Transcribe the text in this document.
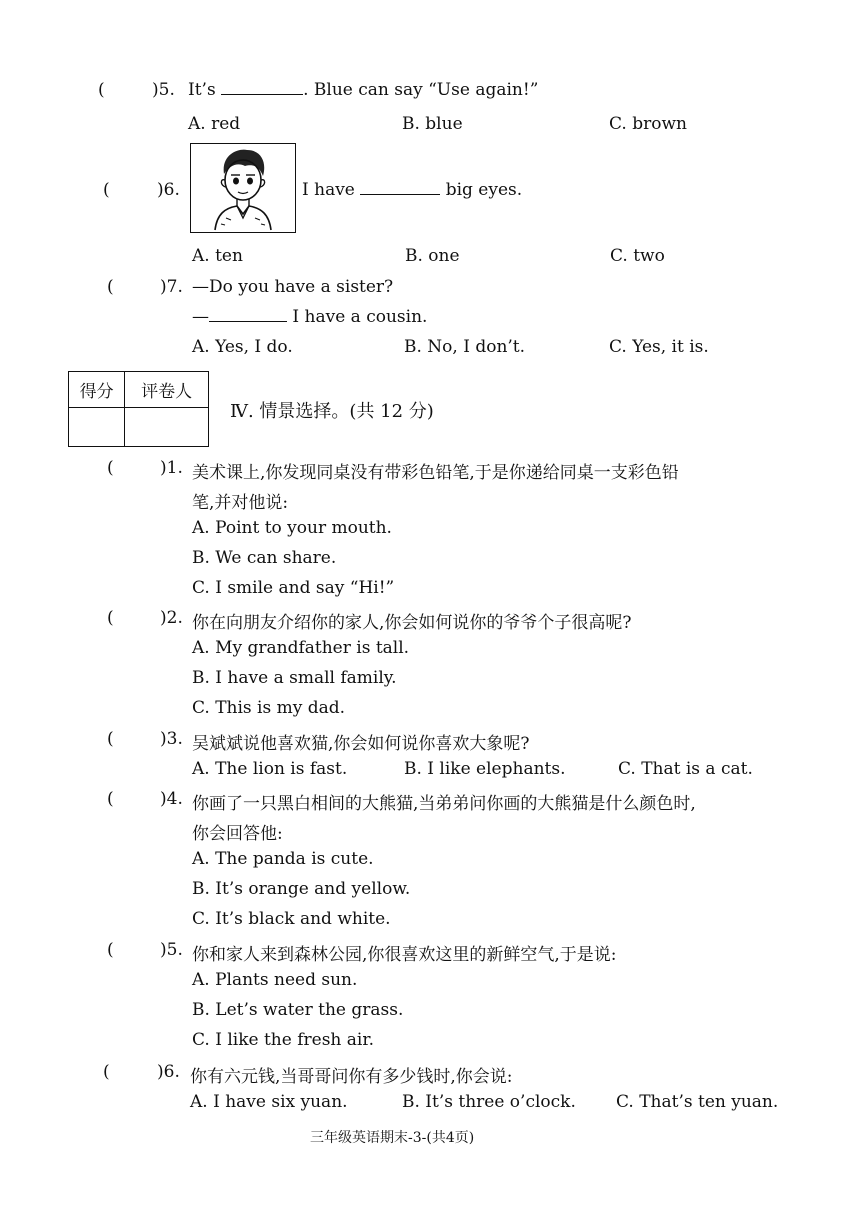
(	)5. It’s	. Blue can say “Use again!”
A. red	B. blue	C. brown
(	)6.	I have	big eyes.
A. ten	B. one	C. two
(	)7. —Do you have a sister?
—	I have a cousin.
A. Yes, I do.	B. No, I don’t.	C. Yes, it is.
得分	评卷人

Ⅳ. 情景选择。(共 12 分)
(	)1. 美术课上,你发现同桌没有带彩色铅笔,于是你递给同桌一支彩色铅
笔,并对他说:
A. Point to your mouth.
B. We can share.
C. I smile and say “Hi!”
(	)2. 你在向朋友介绍你的家人,你会如何说你的爷爷个子很高呢?
A. My grandfather is tall.
B. I have a small family.
C. This is my dad.
(	)3. 吴斌斌说他喜欢猫,你会如何说你喜欢大象呢?
A. The lion is fast.	B. I like elephants.	C. That is a cat.
(	)4. 你画了一只黑白相间的大熊猫,当弟弟问你画的大熊猫是什么颜色时,
你会回答他:
A. The panda is cute.
B. It’s orange and yellow.
C. It’s black and white.
(	)5. 你和家人来到森林公园,你很喜欢这里的新鲜空气,于是说:
A. Plants need sun.
B. Let’s water the grass.
C. I like the fresh air.
(	)6. 你有六元钱,当哥哥问你有多少钱时,你会说:
A. I have six yuan.	B. It’s three o’clock. C. That’s ten yuan.
三年级英语期末-3-(共4页)
